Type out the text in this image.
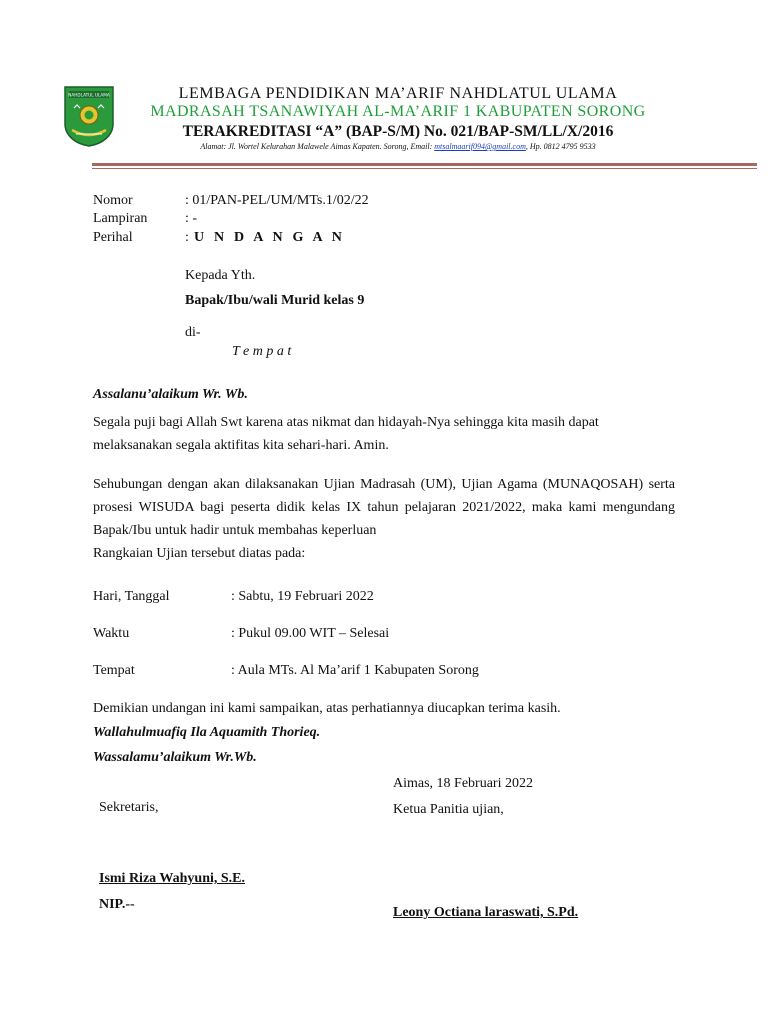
NAHDLATUL ULAMA	LEMBAGA PENDIDIKAN MA’ARIF NAHDLATUL ULAMA
MADRASAH TSANAWIYAH AL-MA’ARIF 1 KABUPATEN SORONG
TERAKREDITASI “A” (BAP-S/M) No. 021/BAP-SM/LL/X/2016
Alamat: Jl. Wortel Kelurahan Malawele Aimas Kapaten. Sorong, Email: mtsalmaarif094@gmail.com, Hp. 0812 4795 9533
Nomor	: 01/PAN-PEL/UM/MTs.1/02/22
Lampiran	: -
Perihal	: U N D A N G A N
Kepada Yth.
Bapak/Ibu/wali Murid kelas 9
di-
T e m p a t
Assalanu’alaikum Wr. Wb.
Segala puji bagi Allah Swt karena atas nikmat dan hidayah-Nya sehingga kita masih dapat
melaksanakan segala aktifitas kita sehari-hari. Amin.
Sehubungan dengan akan dilaksanakan Ujian Madrasah (UM), Ujian Agama (MUNAQOSAH) serta prosesi WISUDA bagi peserta didik kelas IX tahun pelajaran 2021/2022, maka kami mengundang Bapak/Ibu untuk hadir untuk membahas keperluan
Rangkaian Ujian tersebut diatas pada:
Hari, Tanggal	: Sabtu, 19 Februari 2022
Waktu	: Pukul 09.00 WIT – Selesai
Tempat	: Aula MTs. Al Ma’arif 1 Kabupaten Sorong
Demikian undangan ini kami sampaikan, atas perhatiannya diucapkan terima kasih.
Wallahulmuafiq Ila Aquamith Thorieq.
Wassalamu’alaikum Wr.Wb.
Aimas, 18 Februari 2022
Sekretaris,	Ketua Panitia ujian,
Ismi Riza Wahyuni, S.E.
NIP.--
Leony Octiana laraswati, S.Pd.
